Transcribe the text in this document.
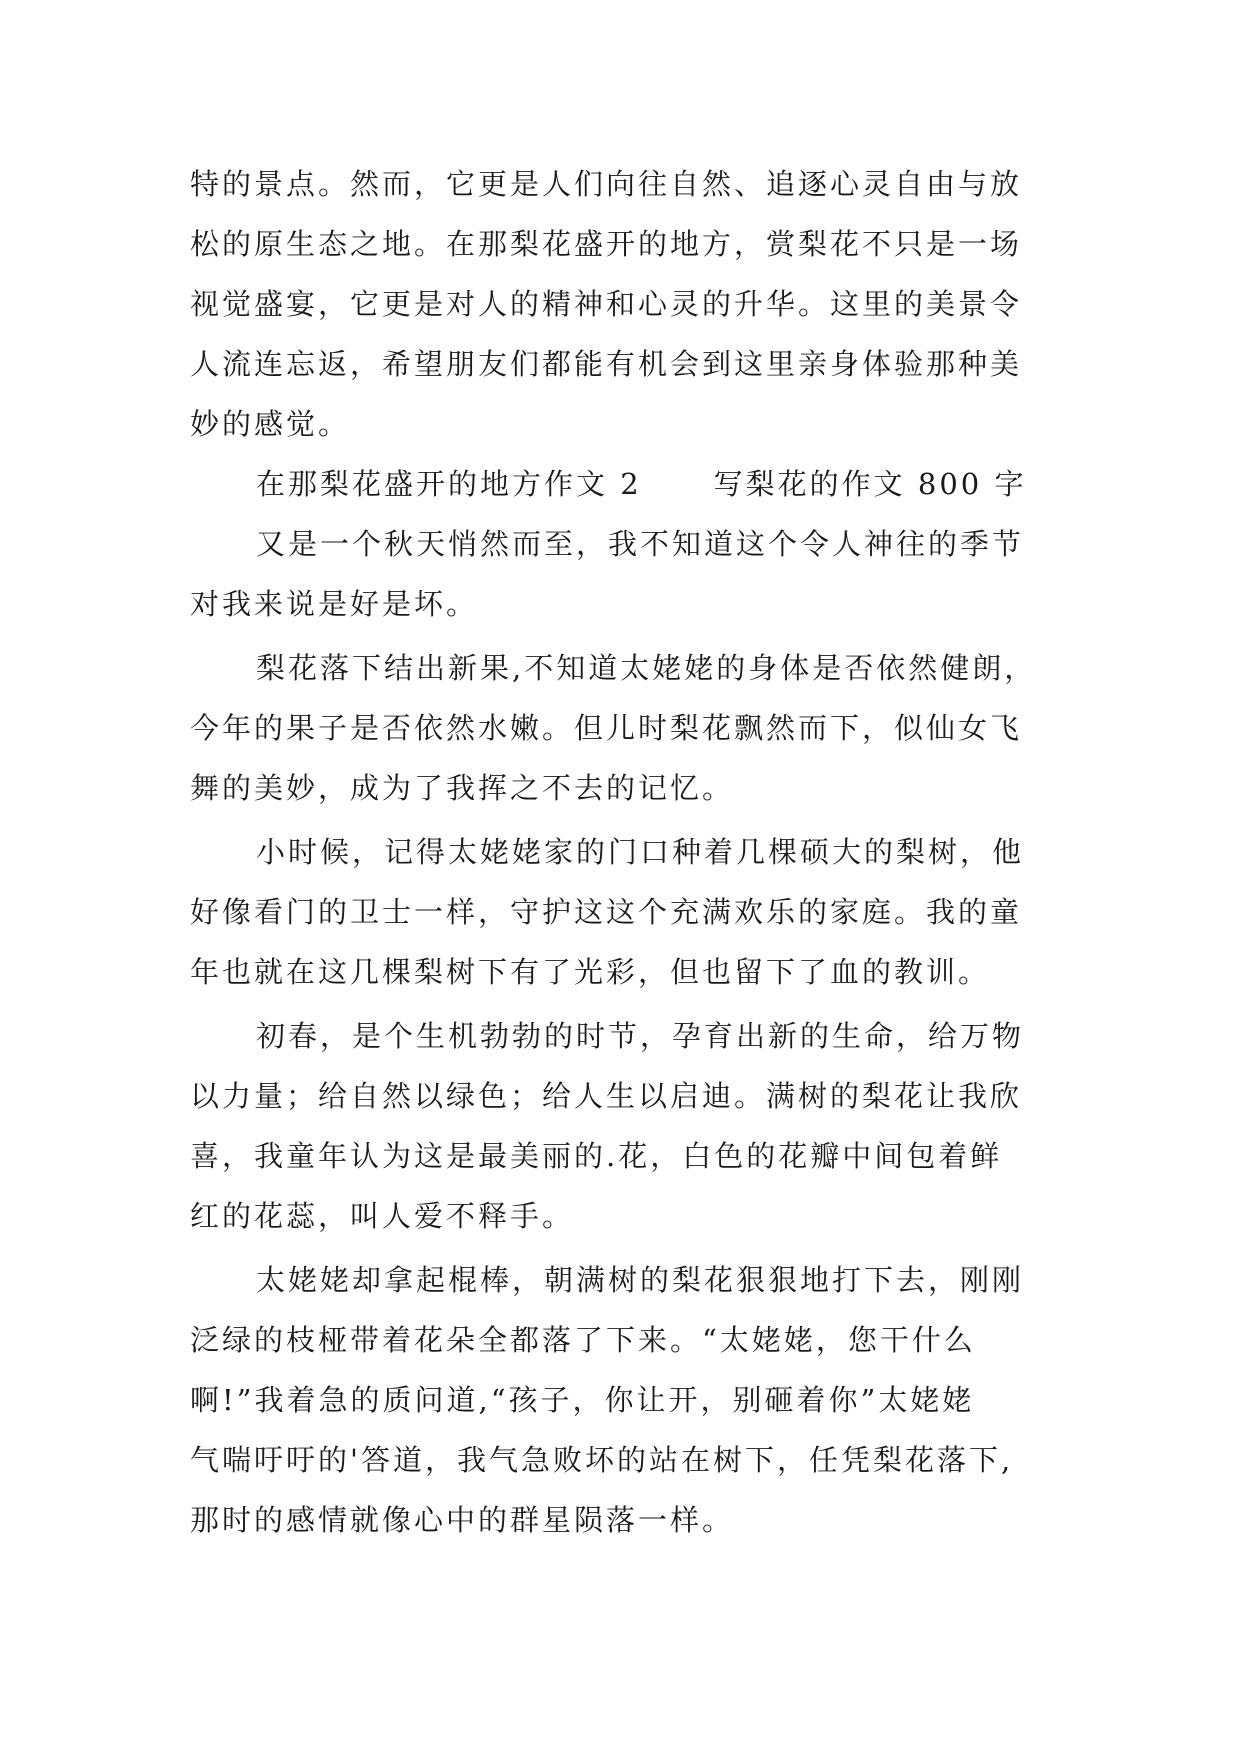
特的景点。然而，它更是人们向往自然、追逐心灵自由与放
松的原生态之地。在那梨花盛开的地方，赏梨花不只是一场
视觉盛宴，它更是对人的精神和心灵的升华。这里的美景令
人流连忘返，希望朋友们都能有机会到这里亲身体验那种美
妙的感觉。
在那梨花盛开的地方作文 2 写梨花的作文 800 字
又是一个秋天悄然而至，我不知道这个令人神往的季节
对我来说是好是坏。
梨花落下结出新果,不知道太姥姥的身体是否依然健朗，
今年的果子是否依然水嫩。但儿时梨花飘然而下，似仙女飞
舞的美妙，成为了我挥之不去的记忆。
小时候，记得太姥姥家的门口种着几棵硕大的梨树，他
好像看门的卫士一样，守护这这个充满欢乐的家庭。我的童
年也就在这几棵梨树下有了光彩，但也留下了血的教训。
初春，是个生机勃勃的时节，孕育出新的生命，给万物
以力量；给自然以绿色；给人生以启迪。满树的梨花让我欣
喜，我童年认为这是最美丽的.花，白色的花瓣中间包着鲜
红的花蕊，叫人爱不释手。
太姥姥却拿起棍棒，朝满树的梨花狠狠地打下去，刚刚
泛绿的枝桠带着花朵全都落了下来。“太姥姥，您干什么
啊!”我着急的质问道,“孩子，你让开，别砸着你”太姥姥
气喘吁吁的'答道，我气急败坏的站在树下，任凭梨花落下,
那时的感情就像心中的群星陨落一样。
